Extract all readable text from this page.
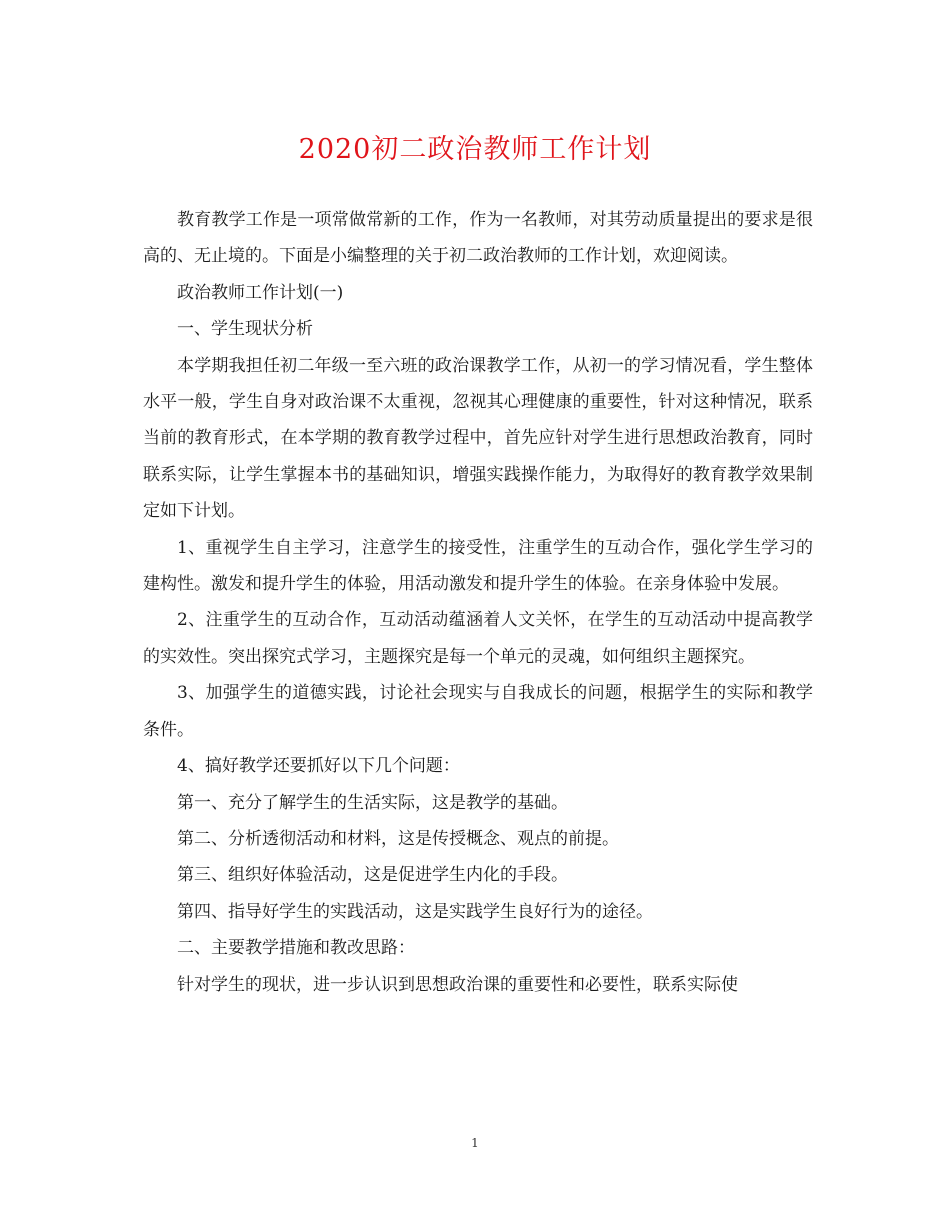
2020初二政治教师工作计划

教育教学工作是一项常做常新的工作，作为一名教师，对其劳动质量提出的要求是很高的、无止境的。下面是小编整理的关于初二政治教师的工作计划，欢迎阅读。

政治教师工作计划(一)

一、学生现状分析

本学期我担任初二年级一至六班的政治课教学工作，从初一的学习情况看，学生整体水平一般，学生自身对政治课不太重视，忽视其心理健康的重要性，针对这种情况，联系当前的教育形式，在本学期的教育教学过程中，首先应针对学生进行思想政治教育，同时联系实际，让学生掌握本书的基础知识，增强实践操作能力，为取得好的教育教学效果制定如下计划。

1、重视学生自主学习，注意学生的接受性，注重学生的互动合作，强化学生学习的建构性。激发和提升学生的体验，用活动激发和提升学生的体验。在亲身体验中发展。

2、注重学生的互动合作，互动活动蕴涵着人文关怀，在学生的互动活动中提高教学的实效性。突出探究式学习，主题探究是每一个单元的灵魂，如何组织主题探究。

3、加强学生的道德实践，讨论社会现实与自我成长的问题，根据学生的实际和教学条件。

4、搞好教学还要抓好以下几个问题：

第一、充分了解学生的生活实际，这是教学的基础。

第二、分析透彻活动和材料，这是传授概念、观点的前提。

第三、组织好体验活动，这是促进学生内化的手段。

第四、指导好学生的实践活动，这是实践学生良好行为的途径。

二、主要教学措施和教改思路：

针对学生的现状，进一步认识到思想政治课的重要性和必要性，联系实际使

1
